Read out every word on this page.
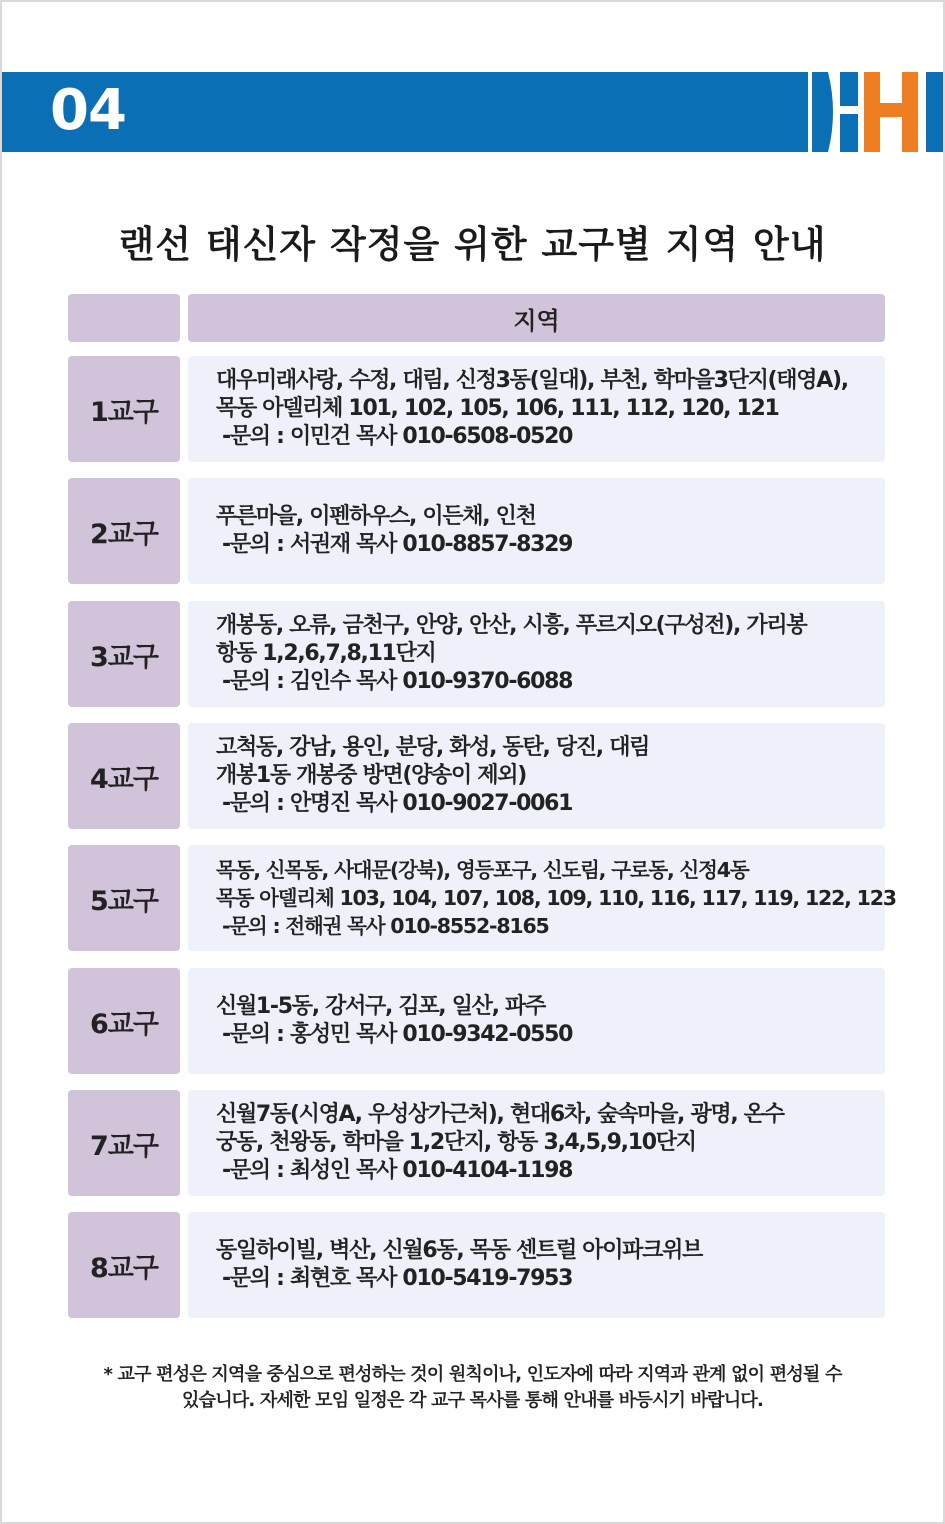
04
랜선 태신자 작정을 위한 교구별 지역 안내
지역
1교구
대우미래사랑, 수정, 대림, 신정3동(일대), 부천, 학마을3단지(태영A),
목동 아델리체 101, 102, 105, 106, 111, 112, 120, 121
-문의 : 이민건 목사 010-6508-0520
2교구
푸른마을, 이펜하우스, 이든채, 인천
-문의 : 서권재 목사 010-8857-8329
3교구
개봉동, 오류, 금천구, 안양, 안산, 시흥, 푸르지오(구성전), 가리봉
항동 1,2,6,7,8,11단지
-문의 : 김인수 목사 010-9370-6088
4교구
고척동, 강남, 용인, 분당, 화성, 동탄, 당진, 대림
개봉1동 개봉중 방면(양송이 제외)
-문의 : 안명진 목사 010-9027-0061
5교구
목동, 신목동, 사대문(강북), 영등포구, 신도림, 구로동, 신정4동
목동 아델리체 103, 104, 107, 108, 109, 110, 116, 117, 119, 122, 123
-문의 : 전해권 목사 010-8552-8165
6교구
신월1-5동, 강서구, 김포, 일산, 파주
-문의 : 홍성민 목사 010-9342-0550
7교구
신월7동(시영A, 우성상가근처), 현대6차, 숲속마을, 광명, 온수
궁동, 천왕동, 학마을 1,2단지, 항동 3,4,5,9,10단지
-문의 : 최성인 목사 010-4104-1198
8교구
동일하이빌, 벽산, 신월6동, 목동 센트럴 아이파크위브
-문의 : 최현호 목사 010-5419-7953
* 교구 편성은 지역을 중심으로 편성하는 것이 원칙이나, 인도자에 따라 지역과 관계 없이 편성될 수
있습니다. 자세한 모임 일정은 각 교구 목사를 통해 안내를 바등시기 바랍니다.
